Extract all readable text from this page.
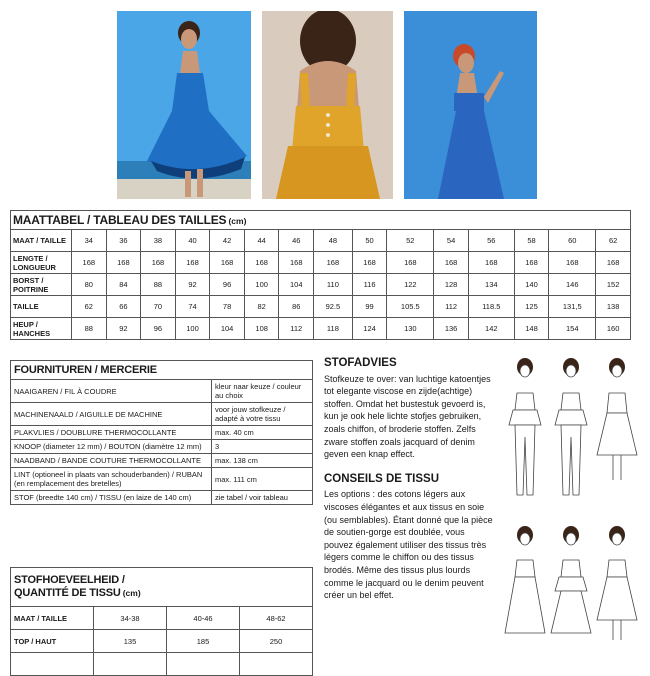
MAATTABEL / TABLEAU DES TAILLES (cm)															
MAAT / TAILLE	34	36	38	40	42	44	46	48	50	52	54	56	58	60	62
LENGTE / LONGUEUR	168	168	168	168	168	168	168	168	168	168	168	168	168	168	168
BORST / POITRINE	80	84	88	92	96	100	104	110	116	122	128	134	140	146	152
TAILLE	62	66	70	74	78	82	86	92.5	99	105.5	112	118.5	125	131,5	138
HEUP / HANCHES	88	92	96	100	104	108	112	118	124	130	136	142	148	154	160
FOURNITUREN / MERCERIE	
NAAIGAREN / FIL À COUDRE	kleur naar keuze / couleur au choix
MACHINENAALD / AIGUILLE DE MACHINE	voor jouw stofkeuze / adapté à votre tissu
PLAKVLIES / DOUBLURE THERMOCOLLANTE	max. 40 cm
KNOOP (diameter 12 mm) / BOUTON (diamètre 12 mm)	3
NAADBAND / BANDE COUTURE THERMOCOLLANTE	max. 138 cm
LINT (optioneel in plaats van schouderbanden) / RUBAN (en remplacement des bretelles)	max. 111 cm
STOF (breedte 140 cm) / TISSU (en laize de 140 cm)	zie tabel / voir tableau
STOFHOEVEELHEID /
QUANTITÉ DE TISSU (cm)			
MAAT / TAILLE	34-38	40-46	48-62
TOP / HAUT	135	185	250

STOFADVIES

Stofkeuze te over: van luchtige katoentjes tot elegante viscose en zijde(achtige) stoffen. Omdat het bustestuk gevoerd is, kun je ook hele lichte stofjes gebruiken, zoals chiffon, of broderie stoffen. Zelfs zware stoffen zoals jacquard of denim geven een knap effect.

CONSEILS DE TISSU

Les options : des cotons légers aux viscoses élégantes et aux tissus en soie (ou semblables). Étant donné que la pièce de soutien-gorge est doublée, vous pouvez également utiliser des tissus très légers comme le chiffon ou des tissus brodés. Même des tissus plus lourds comme le jacquard ou le denim peuvent créer un bel effet.
